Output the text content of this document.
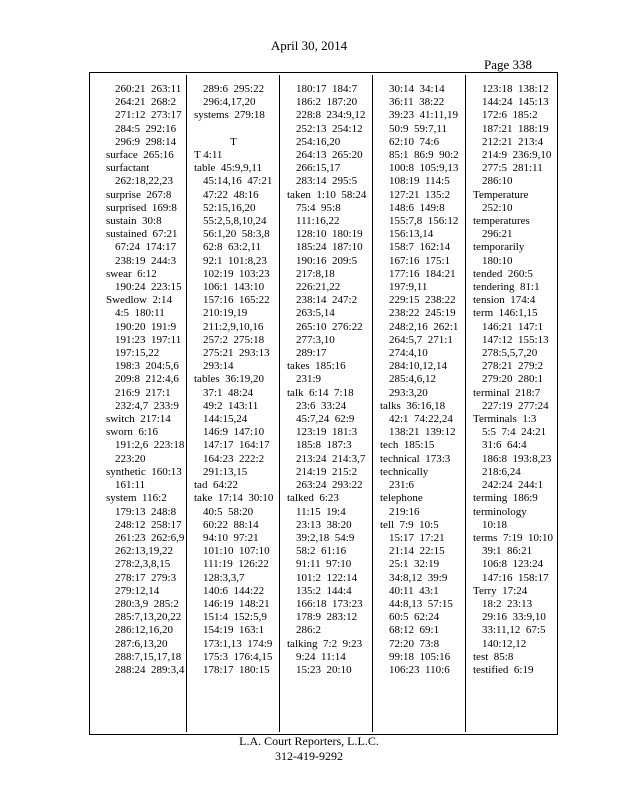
April 30, 2014
Page 338
260:21  263:11
264:21  268:2
271:12  273:17
284:5  292:16
296:9  298:14
surface  265:16
surfactant
262:18,22,23
surprise  267:8
surprised  169:8
sustain  30:8
sustained  67:21
67:24  174:17
238:19  244:3
swear  6:12
190:24  223:15
Swedlow  2:14
4:5  180:11
190:20  191:9
191:23  197:11
197:15,22
198:3  204:5,6
209:8  212:4,6
216:9  217:1
232:4,7  233:9
switch  217:14
sworn  6:16
191:2,6  223:18
223:20
synthetic  160:13
161:11
system  116:2
179:13  248:8
248:12  258:17
261:23  262:6,9
262:13,19,22
278:2,3,8,15
278:17  279:3
279:12,14
280:3,9  285:2
285:7,13,20,22
286:12,16,20
287:6,13,20
288:7,15,17,18
288:24  289:3,4
289:6  295:22
296:4,17,20
systems  279:18

T
T 4:11
table  45:9,9,11
45:14,16  47:21
47:22  48:16
52:15,16,20
55:2,5,8,10,24
56:1,20  58:3,8
62:8  63:2,11
92:1  101:8,23
102:19  103:23
106:1  143:10
157:16  165:22
210:19,19
211:2,9,10,16
257:2  275:18
275:21  293:13
293:14
tables  36:19,20
37:1  48:24
49:2  143:11
144:15,24
146:9  147:10
147:17  164:17
164:23  222:2
291:13,15
tad  64:22
take  17:14  30:10
40:5  58:20
60:22  88:14
94:10  97:21
101:10  107:10
111:19  126:22
128:3,3,7
140:6  144:22
146:19  148:21
151:4  152:5,9
154:19  163:1
173:1,13  174:9
175:3  176:4,15
178:17  180:15
180:17  184:7
186:2  187:20
228:8  234:9,12
252:13  254:12
254:16,20
264:13  265:20
266:15,17
283:14  295:5
taken  1:10  58:24
75:4  95:8
111:16,22
128:10  180:19
185:24  187:10
190:16  209:5
217:8,18
226:21,22
238:14  247:2
263:5,14
265:10  276:22
277:3,10
289:17
takes  185:16
231:9
talk  6:14  7:18
23:6  33:24
45:7,24  62:9
123:19  181:3
185:8  187:3
213:24  214:3,7
214:19  215:2
263:24  293:22
talked  6:23
11:15  19:4
23:13  38:20
39:2,18  54:9
58:2  61:16
91:11  97:10
101:2  122:14
135:2  144:4
166:18  173:23
178:9  283:12
286:2
talking  7:2  9:23
9:24  11:14
15:23  20:10
30:14  34:14
36:11  38:22
39:23  41:11,19
50:9  59:7,11
62:10  74:6
85:1  86:9  90:2
100:8  105:9,13
108:19  114:5
127:21  135:2
148:6  149:8
155:7,8  156:12
156:13,14
158:7  162:14
167:16  175:1
177:16  184:21
197:9,11
229:15  238:22
238:22  245:19
248:2,16  262:1
264:5,7  271:1
274:4,10
284:10,12,14
285:4,6,12
293:3,20
talks  36:16,18
42:1  74:22,24
138:21  139:12
tech  185:15
technical  173:3
technically
231:6
telephone
219:16
tell  7:9  10:5
15:17  17:21
21:14  22:15
25:1  32:19
34:8,12  39:9
40:11  43:1
44:8,13  57:15
60:5  62:24
68:12  69:1
72:20  73:8
99:18  105:16
106:23  110:6
123:18  138:12
144:24  145:13
172:6  185:2
187:21  188:19
212:21  213:4
214:9  236:9,10
277:5  281:11
286:10
Temperature
252:10
temperatures
296:21
temporarily
180:10
tended  260:5
tendering  81:1
tension  174:4
term  146:1,15
146:21  147:1
147:12  155:13
278:5,5,7,20
278:21  279:2
279:20  280:1
terminal  218:7
227:19  277:24
Terminals  1:3
5:5  7:4  24:21
31:6  64:4
186:8  193:8,23
218:6,24
242:24  244:1
terming  186:9
terminology
10:18
terms  7:19  10:10
39:1  86:21
106:8  123:24
147:16  158:17
Terry  17:24
18:2  23:13
29:16  33:9,10
33:11,12  67:5
140:12,12
test  85:8
testified  6:19
L.A. Court Reporters, L.L.C.
312-419-9292
